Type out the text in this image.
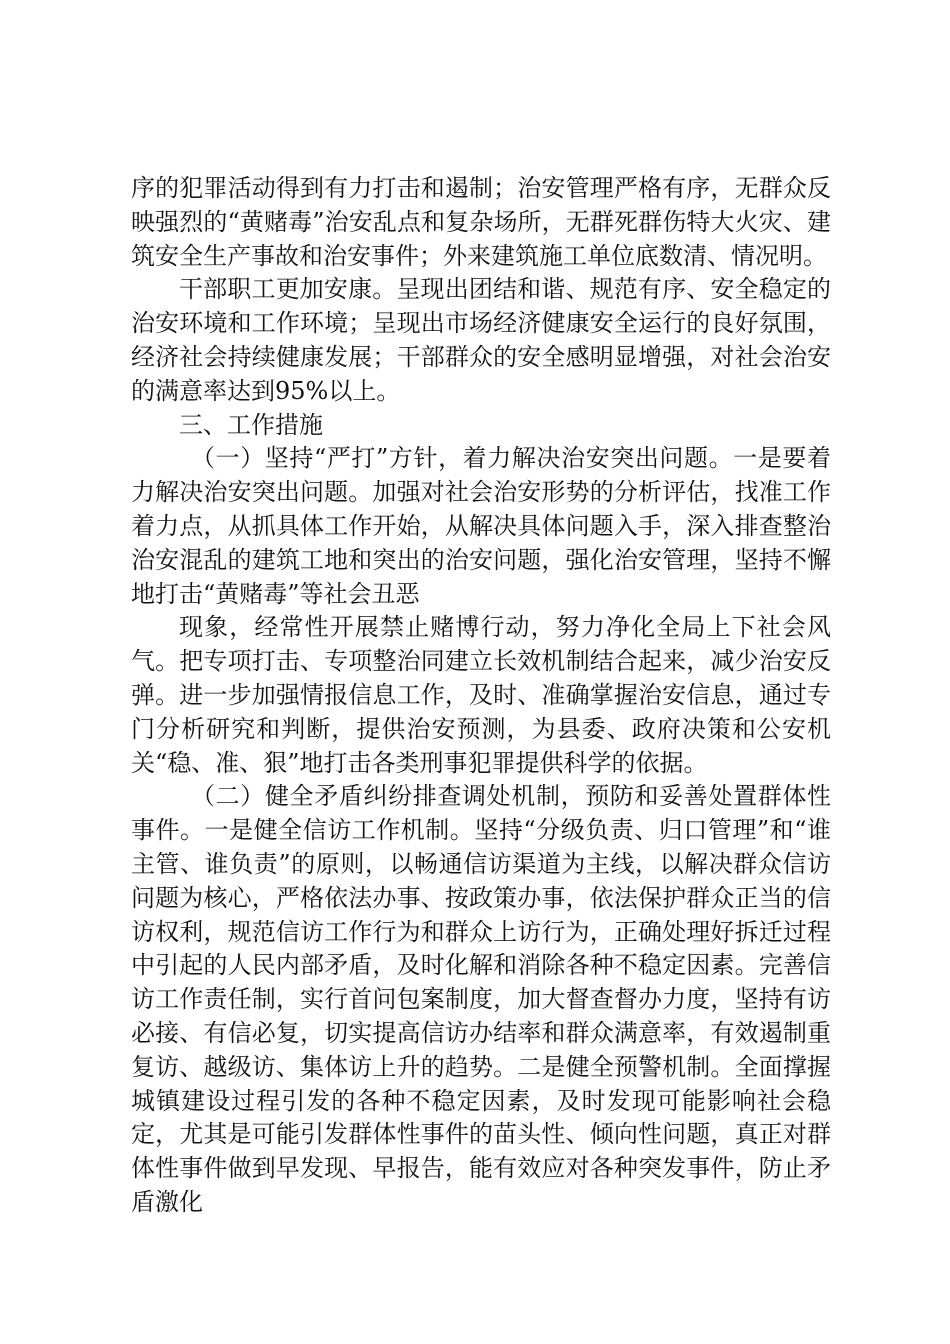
序的犯罪活动得到有力打击和遏制；治安管理严格有序，无群众反映强烈的“黄赌毒”治安乱点和复杂场所，无群死群伤特大火灾、建筑安全生产事故和治安事件；外来建筑施工单位底数清、情况明。

干部职工更加安康。呈现出团结和谐、规范有序、安全稳定的治安环境和工作环境；呈现出市场经济健康安全运行的良好氛围，经济社会持续健康发展；干部群众的安全感明显增强，对社会治安的满意率达到95%以上。

三、工作措施

（一）坚持“严打”方针，着力解决治安突出问题。一是要着力解决治安突出问题。加强对社会治安形势的分析评估，找准工作着力点，从抓具体工作开始，从解决具体问题入手，深入排查整治治安混乱的建筑工地和突出的治安问题，强化治安管理，坚持不懈地打击“黄赌毒”等社会丑恶

现象，经常性开展禁止赌博行动，努力净化全局上下社会风气。把专项打击、专项整治同建立长效机制结合起来，减少治安反弹。进一步加强情报信息工作，及时、准确掌握治安信息，通过专门分析研究和判断，提供治安预测，为县委、政府决策和公安机关“稳、准、狠”地打击各类刑事犯罪提供科学的依据。

（二）健全矛盾纠纷排查调处机制，预防和妥善处置群体性事件。一是健全信访工作机制。坚持“分级负责、归口管理”和“谁主管、谁负责”的原则，以畅通信访渠道为主线，以解决群众信访问题为核心，严格依法办事、按政策办事，依法保护群众正当的信访权利，规范信访工作行为和群众上访行为，正确处理好拆迁过程中引起的人民内部矛盾，及时化解和消除各种不稳定因素。完善信访工作责任制，实行首问包案制度，加大督查督办力度，坚持有访必接、有信必复，切实提高信访办结率和群众满意率，有效遏制重复访、越级访、集体访上升的趋势。二是健全预警机制。全面撑握城镇建设过程引发的各种不稳定因素，及时发现可能影响社会稳定，尤其是可能引发群体性事件的苗头性、倾向性问题，真正对群体性事件做到早发现、早报告，能有效应对各种突发事件，防止矛盾激化
